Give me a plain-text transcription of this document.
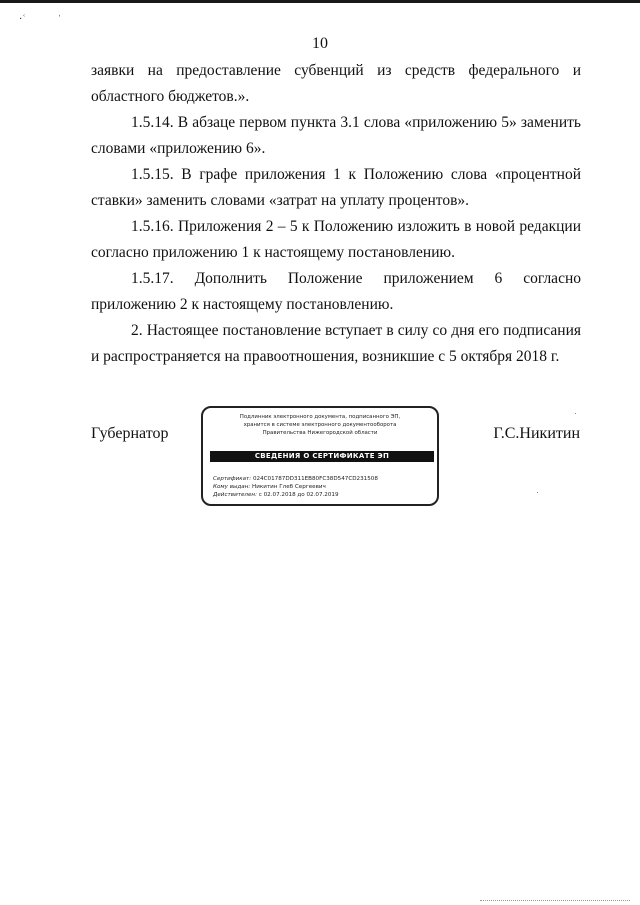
·ʿ	ˈ
10

заявки на предоставление субвенций из средств федерального и областного бюджетов.».

1.5.14. В абзаце первом пункта 3.1 слова «приложению 5» заменить словами «приложению 6».

1.5.15. В графе приложения 1 к Положению слова «процентной ставки» заменить словами «затрат на уплату процентов».

1.5.16. Приложения 2 – 5 к Положению изложить в новой редакции согласно приложению 1 к настоящему постановлению.

1.5.17. Дополнить Положение приложением 6 согласно приложению 2 к настоящему постановлению.

2. Настоящее постановление вступает в силу со дня его подписания и распространяется на правоотношения, возникшие с 5 октября 2018 г.

Губернатор	Г.С.Никитин
Подлинник электронного документа, подписанного ЭП,
хранится в системе электронного документооборота
Правительства Нижегородской области
СВЕДЕНИЯ О СЕРТИФИКАТЕ ЭП
Сертификат: 024C01787DD311EB80FC38D547CD231508
Кому выдан: Никитин Глеб Сергеевич
Действителен: с 02.07.2018 до 02.07.2019
